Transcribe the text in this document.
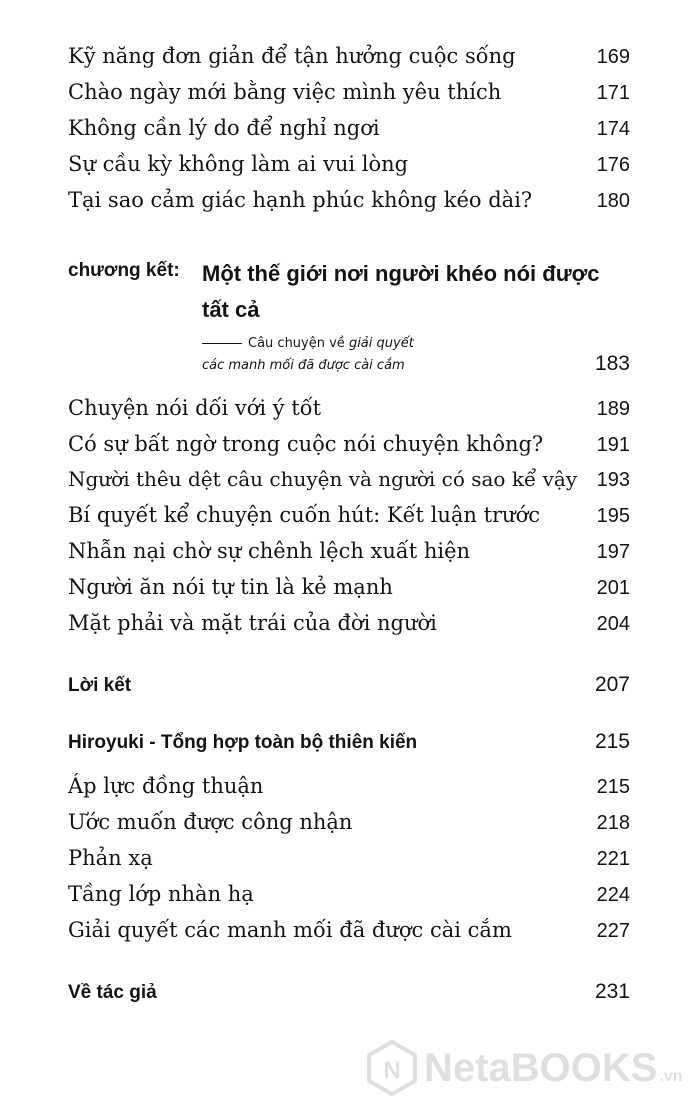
Kỹ năng đơn giản để tận hưởng cuộc sống	169
Chào ngày mới bằng việc mình yêu thích	171
Không cần lý do để nghỉ ngơi	174
Sự cầu kỳ không làm ai vui lòng	176
Tại sao cảm giác hạnh phúc không kéo dài?	180
chương kết: Một thế giới nơi người khéo nói được tất cả
Câu chuyện về giải quyết
các manh mối đã được cài cắm	183
Chuyện nói dối với ý tốt	189
Có sự bất ngờ trong cuộc nói chuyện không?	191
Người thêu dệt câu chuyện và người có sao kể vậy 193
Bí quyết kể chuyện cuốn hút: Kết luận trước	195
Nhẫn nại chờ sự chênh lệch xuất hiện	197
Người ăn nói tự tin là kẻ mạnh	201
Mặt phải và mặt trái của đời người	204
Lời kết	207
Hiroyuki - Tổng hợp toàn bộ thiên kiến	215
Áp lực đồng thuận	215
Ước muốn được công nhận	218
Phản xạ	221
Tầng lớp nhàn hạ	224
Giải quyết các manh mối đã được cài cắm	227
Về tác giả	231
N NetaBOOKS .vn
